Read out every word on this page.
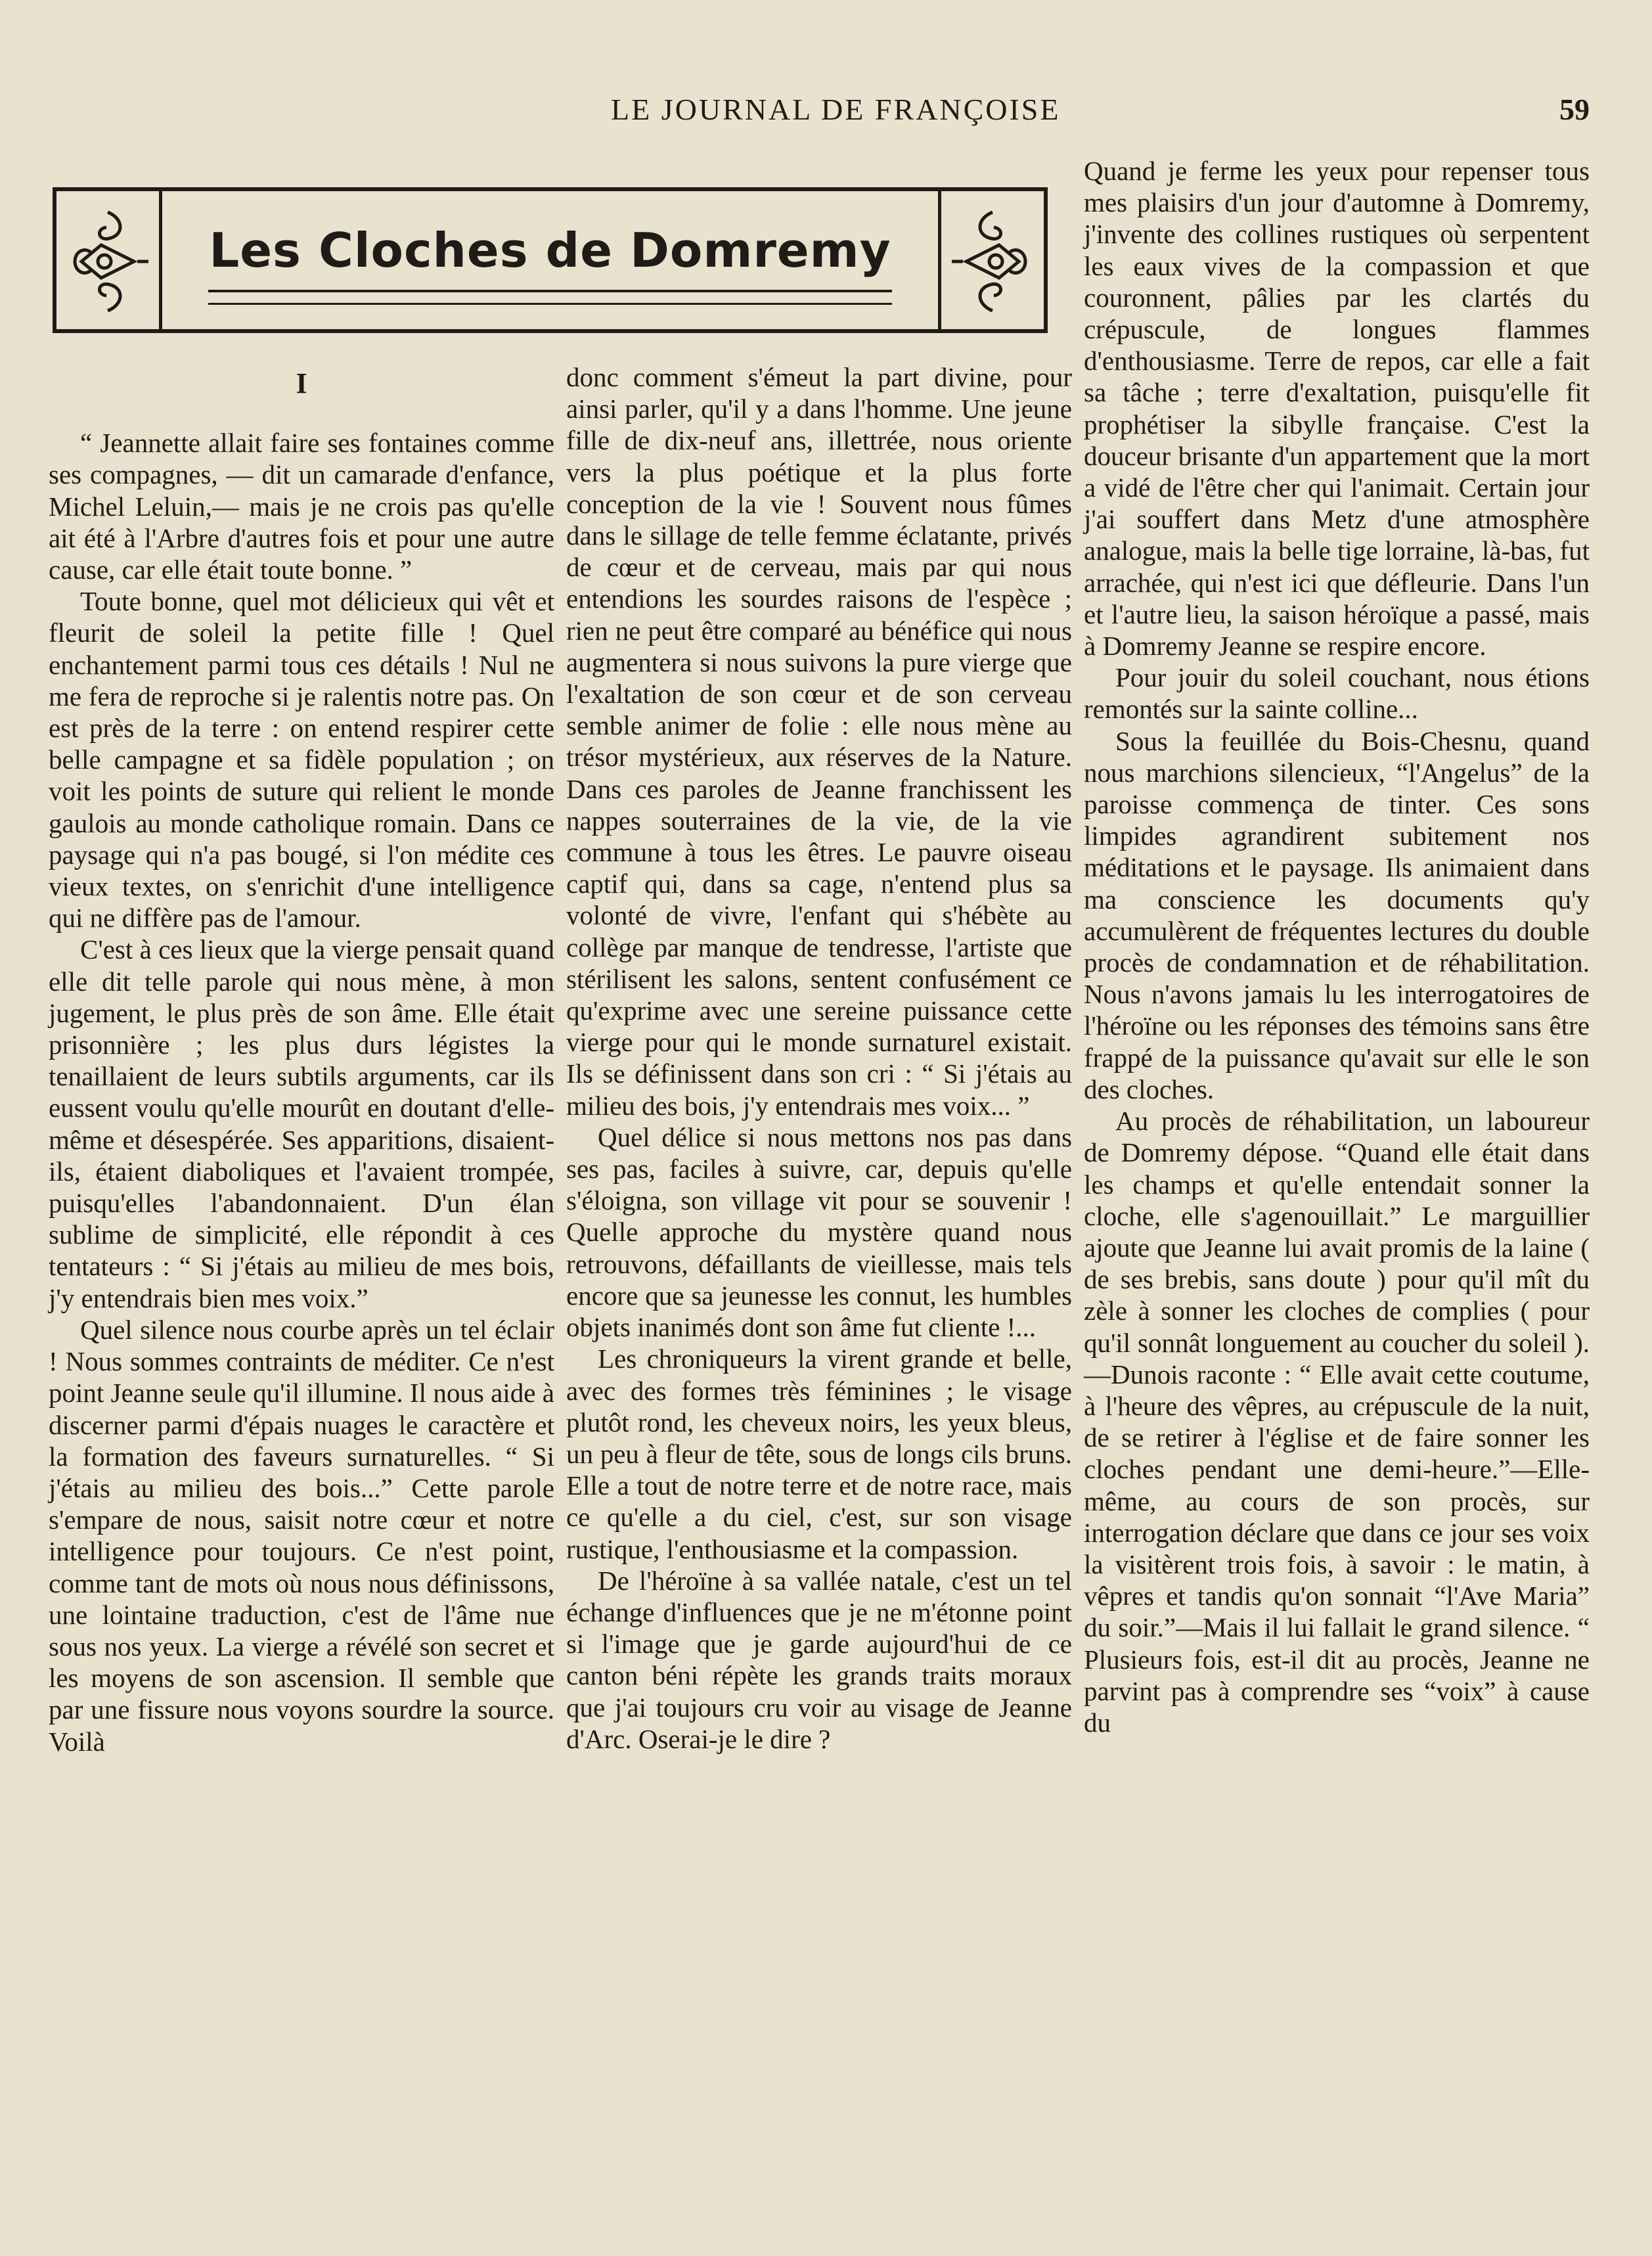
LE JOURNAL DE FRANÇOISE	59
Les Cloches de Domremy
I

“ Jeannette allait faire ses fontaines comme ses compagnes, — dit un camarade d'enfance, Michel Leluin,— mais je ne crois pas qu'elle ait été à l'Arbre d'autres fois et pour une autre cause, car elle était toute bonne. ”

Toute bonne, quel mot délicieux qui vêt et fleurit de soleil la petite fille ! Quel enchantement parmi tous ces détails ! Nul ne me fera de reproche si je ralentis notre pas. On est près de la terre : on entend respirer cette belle campagne et sa fidèle population ; on voit les points de suture qui relient le monde gaulois au monde catholique romain. Dans ce paysage qui n'a pas bougé, si l'on médite ces vieux textes, on s'enrichit d'une intelligence qui ne diffère pas de l'amour.

C'est à ces lieux que la vierge pensait quand elle dit telle parole qui nous mène, à mon jugement, le plus près de son âme. Elle était prisonnière ; les plus durs légistes la tenaillaient de leurs subtils arguments, car ils eussent voulu qu'elle mourût en doutant d'elle-même et désespérée. Ses apparitions, disaient-ils, étaient diaboliques et l'avaient trompée, puisqu'elles l'abandonnaient. D'un élan sublime de simplicité, elle répondit à ces tentateurs : “ Si j'étais au milieu de mes bois, j'y entendrais bien mes voix.”

Quel silence nous courbe après un tel éclair ! Nous sommes contraints de méditer. Ce n'est point Jeanne seule qu'il illumine. Il nous aide à discerner parmi d'épais nuages le caractère et la formation des faveurs surnaturelles. “ Si j'étais au milieu des bois...” Cette parole s'empare de nous, saisit notre cœur et notre intelligence pour toujours. Ce n'est point, comme tant de mots où nous nous définissons, une lointaine traduction, c'est de l'âme nue sous nos yeux. La vierge a révélé son secret et les moyens de son ascension. Il semble que par une fissure nous voyons sourdre la source. Voilà

donc comment s'émeut la part divine, pour ainsi parler, qu'il y a dans l'homme. Une jeune fille de dix-neuf ans, illettrée, nous oriente vers la plus poétique et la plus forte conception de la vie ! Souvent nous fûmes dans le sillage de telle femme éclatante, privés de cœur et de cerveau, mais par qui nous entendions les sourdes raisons de l'espèce ; rien ne peut être comparé au bénéfice qui nous augmentera si nous suivons la pure vierge que l'exaltation de son cœur et de son cerveau semble animer de folie : elle nous mène au trésor mystérieux, aux réserves de la Nature. Dans ces paroles de Jeanne franchissent les nappes souterraines de la vie, de la vie commune à tous les êtres. Le pauvre oiseau captif qui, dans sa cage, n'entend plus sa volonté de vivre, l'enfant qui s'hébète au collège par manque de tendresse, l'artiste que stérilisent les salons, sentent confusément ce qu'exprime avec une sereine puissance cette vierge pour qui le monde surnaturel existait. Ils se définissent dans son cri : “ Si j'étais au milieu des bois, j'y entendrais mes voix... ”

Quel délice si nous mettons nos pas dans ses pas, faciles à suivre, car, depuis qu'elle s'éloigna, son village vit pour se souvenir ! Quelle approche du mystère quand nous retrouvons, défaillants de vieillesse, mais tels encore que sa jeunesse les connut, les humbles objets inanimés dont son âme fut cliente !...

Les chroniqueurs la virent grande et belle, avec des formes très féminines ; le visage plutôt rond, les cheveux noirs, les yeux bleus, un peu à fleur de tête, sous de longs cils bruns. Elle a tout de notre terre et de notre race, mais ce qu'elle a du ciel, c'est, sur son visage rustique, l'enthousiasme et la compassion.

De l'héroïne à sa vallée natale, c'est un tel échange d'influences que je ne m'étonne point si l'image que je garde aujourd'hui de ce canton béni répète les grands traits moraux que j'ai toujours cru voir au visage de Jeanne d'Arc. Oserai-je le dire ?

Quand je ferme les yeux pour repenser tous mes plaisirs d'un jour d'automne à Domremy, j'invente des collines rustiques où serpentent les eaux vives de la compassion et que couronnent, pâlies par les clartés du crépuscule, de longues flammes d'enthousiasme. Terre de repos, car elle a fait sa tâche ; terre d'exaltation, puisqu'elle fit prophétiser la sibylle française. C'est la douceur brisante d'un appartement que la mort a vidé de l'être cher qui l'animait. Certain jour j'ai souffert dans Metz d'une atmosphère analogue, mais la belle tige lorraine, là-bas, fut arrachée, qui n'est ici que défleurie. Dans l'un et l'autre lieu, la saison héroïque a passé, mais à Domremy Jeanne se respire encore.

Pour jouir du soleil couchant, nous étions remontés sur la sainte colline...

Sous la feuillée du Bois-Chesnu, quand nous marchions silencieux, “l'Angelus” de la paroisse commença de tinter. Ces sons limpides agrandirent subitement nos méditations et le paysage. Ils animaient dans ma conscience les documents qu'y accumulèrent de fréquentes lectures du double procès de condamnation et de réhabilitation. Nous n'avons jamais lu les interrogatoires de l'héroïne ou les réponses des témoins sans être frappé de la puissance qu'avait sur elle le son des cloches.

Au procès de réhabilitation, un laboureur de Domremy dépose. “Quand elle était dans les champs et qu'elle entendait sonner la cloche, elle s'agenouillait.” Le marguillier ajoute que Jeanne lui avait promis de la laine ( de ses brebis, sans doute ) pour qu'il mît du zèle à sonner les cloches de complies ( pour qu'il sonnât longuement au coucher du soleil ).—Dunois raconte : “ Elle avait cette coutume, à l'heure des vêpres, au crépuscule de la nuit, de se retirer à l'église et de faire sonner les cloches pendant une demi-heure.”—Elle-même, au cours de son procès, sur interrogation déclare que dans ce jour ses voix la visitèrent trois fois, à savoir : le matin, à vêpres et tandis qu'on sonnait “l'Ave Maria” du soir.”—Mais il lui fallait le grand silence. “ Plusieurs fois, est-il dit au procès, Jeanne ne parvint pas à comprendre ses “voix” à cause du
